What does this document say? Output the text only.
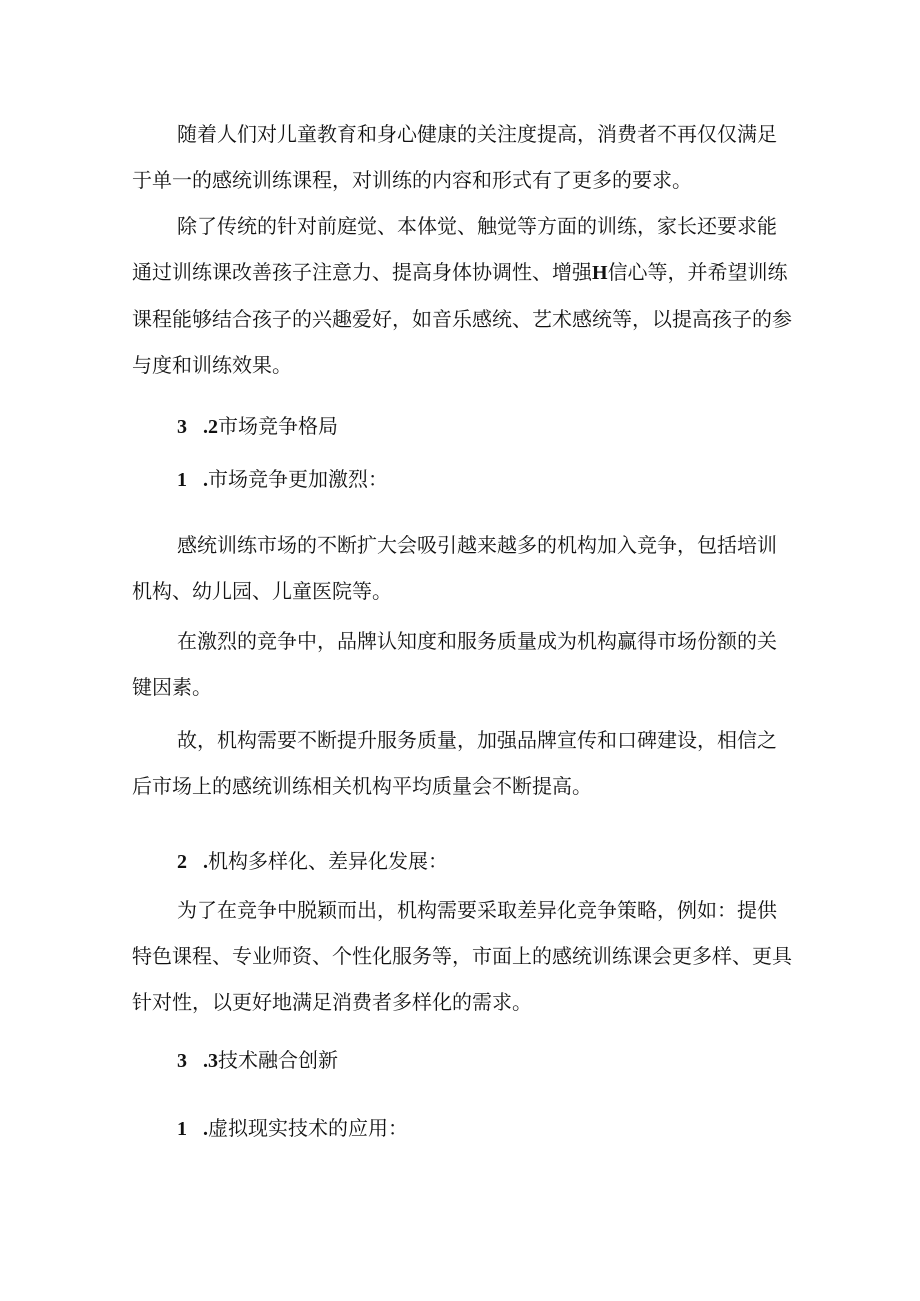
随着人们对儿童教育和身心健康的关注度提高，消费者不再仅仅满足于单一的感统训练课程，对训练的内容和形式有了更多的要求。

除了传统的针对前庭觉、本体觉、触觉等方面的训练，家长还要求能通过训练课改善孩子注意力、提高身体协调性、增强H信心等，并希望训练课程能够结合孩子的兴趣爱好，如音乐感统、艺术感统等，以提高孩子的参与度和训练效果。

3 .2市场竞争格局

1 .市场竞争更加激烈：

感统训练市场的不断扩大会吸引越来越多的机构加入竞争，包括培训机构、幼儿园、儿童医院等。

在激烈的竞争中，品牌认知度和服务质量成为机构赢得市场份额的关键因素。

故，机构需要不断提升服务质量，加强品牌宣传和口碑建设，相信之后市场上的感统训练相关机构平均质量会不断提高。

2 .机构多样化、差异化发展：

为了在竞争中脱颖而出，机构需要采取差异化竞争策略，例如：提供特色课程、专业师资、个性化服务等，市面上的感统训练课会更多样、更具针对性，以更好地满足消费者多样化的需求。

3 .3技术融合创新

1 .虚拟现实技术的应用：
